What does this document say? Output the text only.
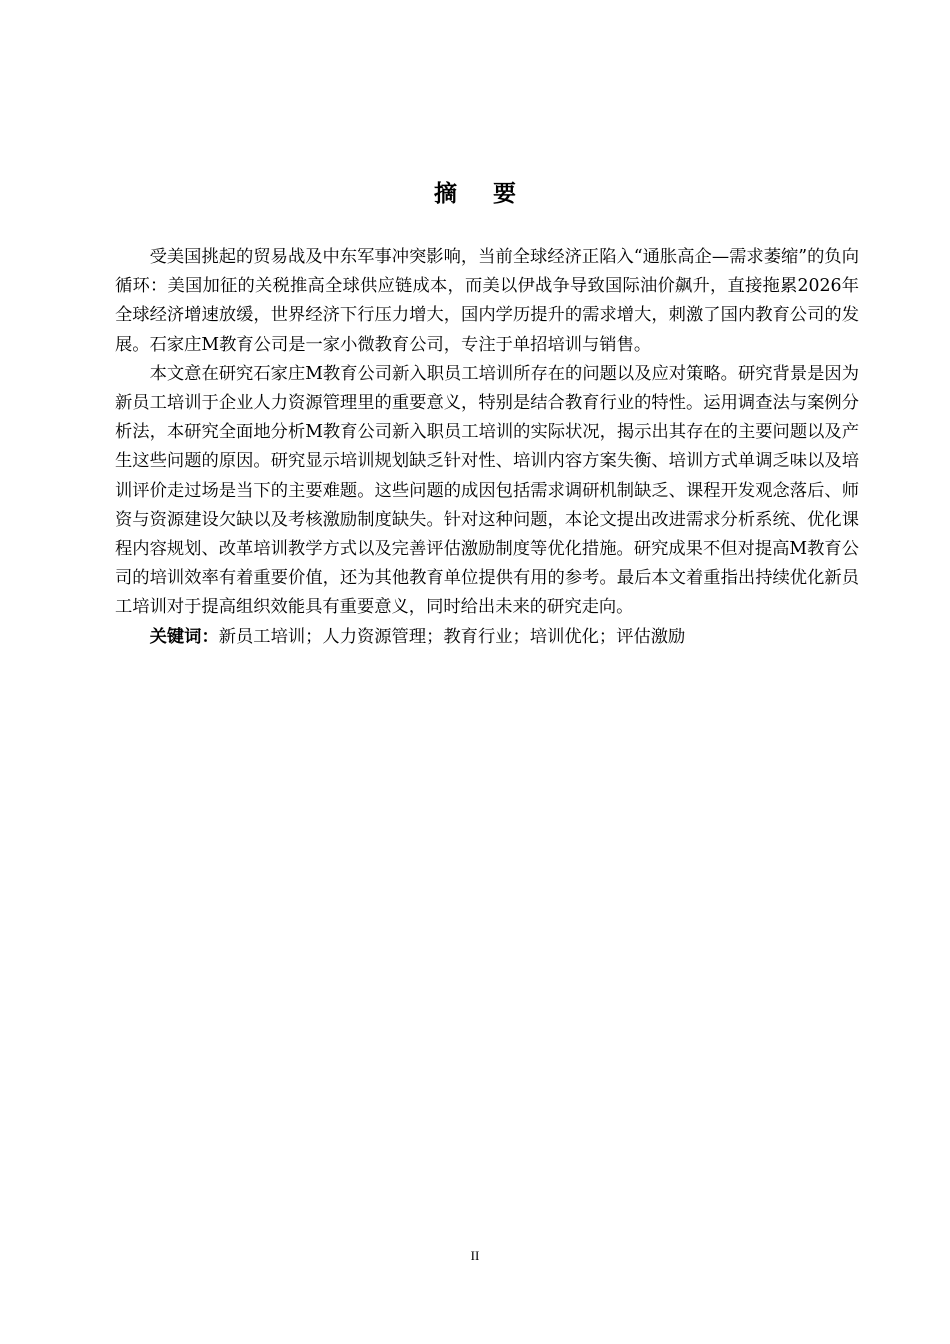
摘要

受美国挑起的贸易战及中东军事冲突影响，当前全球经济正陷入“通胀高企—需求萎缩”的负向循环：美国加征的关税推高全球供应链成本，而美以伊战争导致国际油价飙升，直接拖累2026年全球经济增速放缓，世界经济下行压力增大，国内学历提升的需求增大，刺激了国内教育公司的发展。石家庄M教育公司是一家小微教育公司，专注于单招培训与销售。

本文意在研究石家庄M教育公司新入职员工培训所存在的问题以及应对策略。研究背景是因为新员工培训于企业人力资源管理里的重要意义，特别是结合教育行业的特性。运用调查法与案例分析法，本研究全面地分析M教育公司新入职员工培训的实际状况，揭示出其存在的主要问题以及产生这些问题的原因。研究显示培训规划缺乏针对性、培训内容方案失衡、培训方式单调乏味以及培训评价走过场是当下的主要难题。这些问题的成因包括需求调研机制缺乏、课程开发观念落后、师资与资源建设欠缺以及考核激励制度缺失。针对这种问题，本论文提出改进需求分析系统、优化课程内容规划、改革培训教学方式以及完善评估激励制度等优化措施。研究成果不但对提高M教育公司的培训效率有着重要价值，还为其他教育单位提供有用的参考。最后本文着重指出持续优化新员工培训对于提高组织效能具有重要意义，同时给出未来的研究走向。

关键词：新员工培训；人力资源管理；教育行业；培训优化；评估激励

II
